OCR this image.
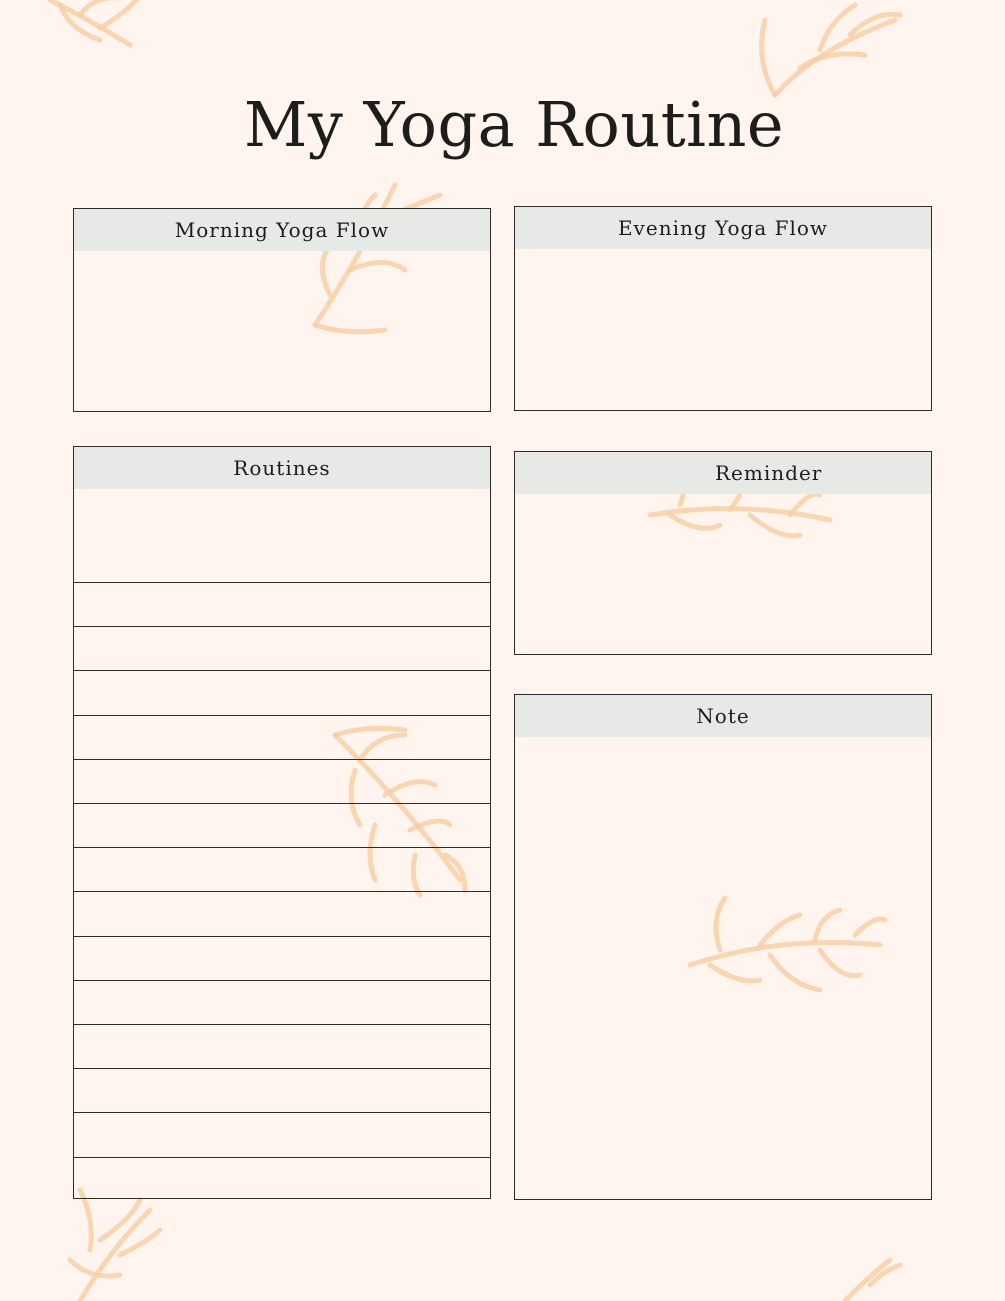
My Yoga Routine
Morning Yoga Flow	Evening Yoga Flow
Routines	Reminder
Note
